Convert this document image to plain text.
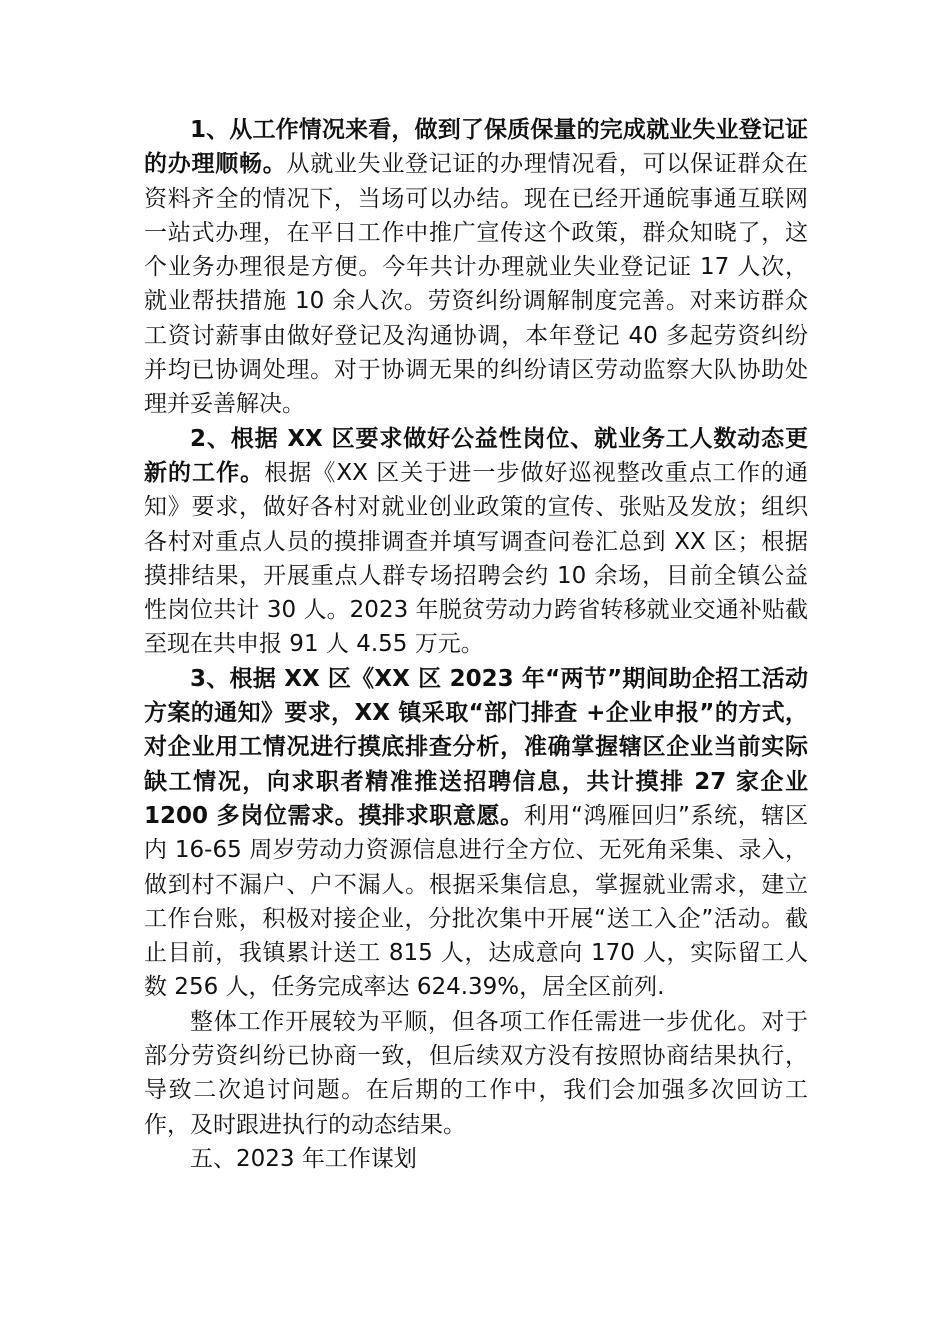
1、从工作情况来看，做到了保质保量的完成就业失业登记证的办理顺畅。从就业失业登记证的办理情况看，可以保证群众在资料齐全的情况下，当场可以办结。现在已经开通皖事通互联网一站式办理，在平日工作中推广宣传这个政策，群众知晓了，这个业务办理很是方便。今年共计办理就业失业登记证 17 人次，就业帮扶措施 10 余人次。劳资纠纷调解制度完善。对来访群众工资讨薪事由做好登记及沟通协调，本年登记 40 多起劳资纠纷并均已协调处理。对于协调无果的纠纷请区劳动监察大队协助处理并妥善解决。

2、根据 XX 区要求做好公益性岗位、就业务工人数动态更新的工作。根据《XX 区关于进一步做好巡视整改重点工作的通知》要求，做好各村对就业创业政策的宣传、张贴及发放；组织各村对重点人员的摸排调查并填写调查问卷汇总到 XX 区；根据摸排结果，开展重点人群专场招聘会约 10 余场，目前全镇公益性岗位共计 30 人。2023 年脱贫劳动力跨省转移就业交通补贴截至现在共申报 91 人 4.55 万元。

3、根据 XX 区《XX 区 2023 年“两节”期间助企招工活动方案的通知》要求，XX 镇采取“部门排查 +企业申报”的方式，对企业用工情况进行摸底排查分析，准确掌握辖区企业当前实际缺工情况，向求职者精准推送招聘信息，共计摸排 27 家企业 1200 多岗位需求。摸排求职意愿。利用“鸿雁回归”系统，辖区内 16-65 周岁劳动力资源信息进行全方位、无死角采集、录入，做到村不漏户、户不漏人。根据采集信息，掌握就业需求，建立工作台账，积极对接企业，分批次集中开展“送工入企”活动。截止目前，我镇累计送工 815 人，达成意向 170 人，实际留工人数 256 人，任务完成率达 624.39%，居全区前列.

整体工作开展较为平顺，但各项工作任需进一步优化。对于部分劳资纠纷已协商一致，但后续双方没有按照协商结果执行，导致二次追讨问题。在后期的工作中，我们会加强多次回访工作，及时跟进执行的动态结果。

五、2023 年工作谋划
